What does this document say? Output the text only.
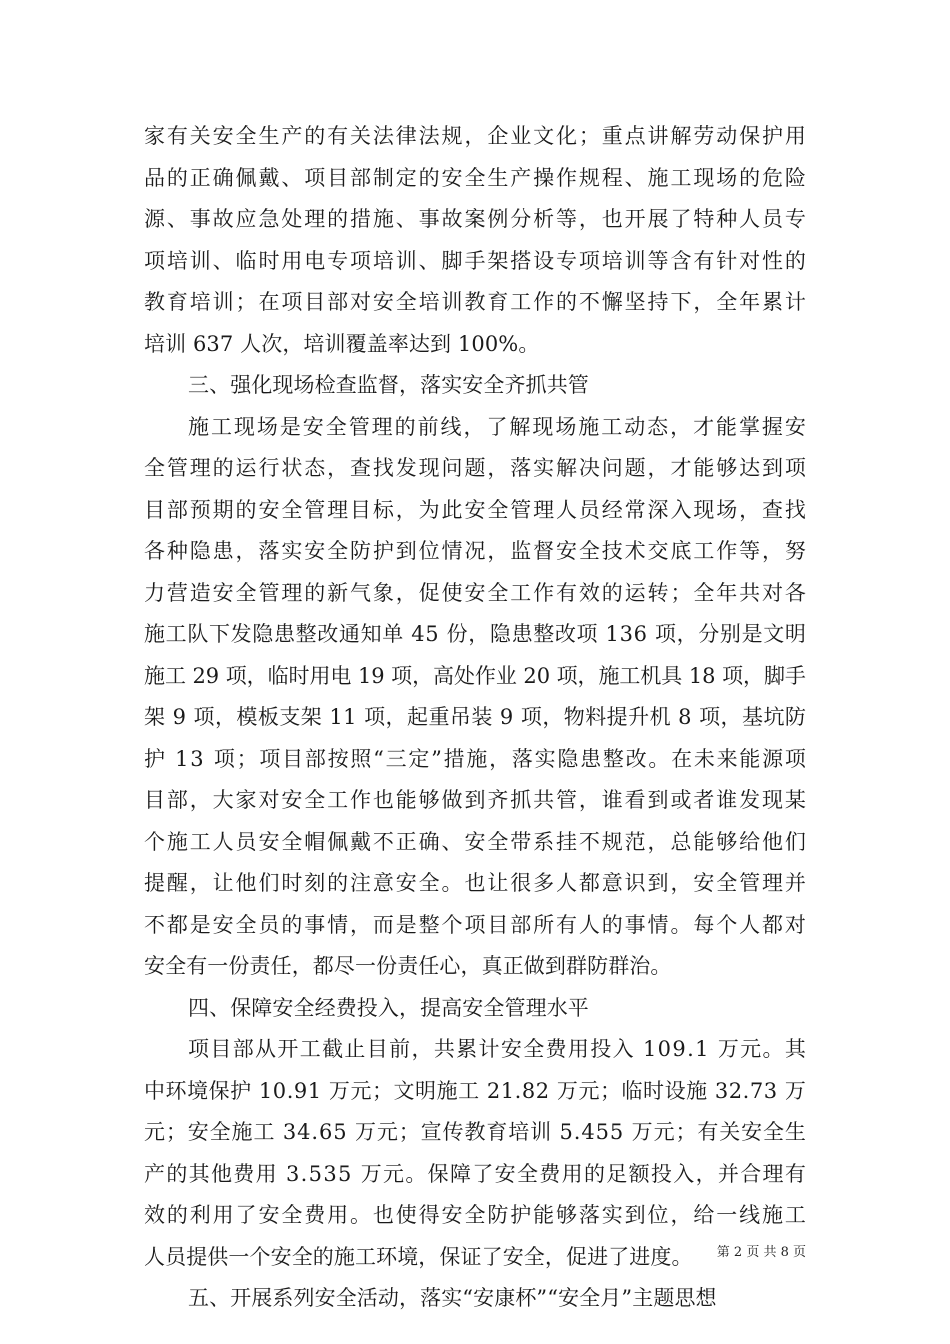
家有关安全生产的有关法律法规，企业文化；重点讲解劳动保护用
品的正确佩戴、项目部制定的安全生产操作规程、施工现场的危险
源、事故应急处理的措施、事故案例分析等，也开展了特种人员专
项培训、临时用电专项培训、脚手架搭设专项培训等含有针对性的
教育培训；在项目部对安全培训教育工作的不懈坚持下，全年累计
培训 637 人次，培训覆盖率达到 100%。
三、强化现场检查监督，落实安全齐抓共管
施工现场是安全管理的前线，了解现场施工动态，才能掌握安
全管理的运行状态，查找发现问题，落实解决问题，才能够达到项
目部预期的安全管理目标，为此安全管理人员经常深入现场，查找
各种隐患，落实安全防护到位情况，监督安全技术交底工作等，努
力营造安全管理的新气象，促使安全工作有效的运转；全年共对各
施工队下发隐患整改通知单 45 份，隐患整改项 136 项，分别是文明
施工 29 项，临时用电 19 项，高处作业 20 项，施工机具 18 项，脚手
架 9 项，模板支架 11 项，起重吊装 9 项，物料提升机 8 项，基坑防
护 13 项；项目部按照“三定”措施，落实隐患整改。在未来能源项
目部，大家对安全工作也能够做到齐抓共管，谁看到或者谁发现某
个施工人员安全帽佩戴不正确、安全带系挂不规范，总能够给他们
提醒，让他们时刻的注意安全。也让很多人都意识到，安全管理并
不都是安全员的事情，而是整个项目部所有人的事情。每个人都对
安全有一份责任，都尽一份责任心，真正做到群防群治。
四、保障安全经费投入，提高安全管理水平
项目部从开工截止目前，共累计安全费用投入 109.1 万元。其
中环境保护 10.91 万元；文明施工 21.82 万元；临时设施 32.73 万
元；安全施工 34.65 万元；宣传教育培训 5.455 万元；有关安全生
产的其他费用 3.535 万元。保障了安全费用的足额投入，并合理有
效的利用了安全费用。也使得安全防护能够落实到位，给一线施工
人员提供一个安全的施工环境，保证了安全，促进了进度。
五、开展系列安全活动，落实“安康杯”“安全月”主题思想
第 2 页 共 8 页
